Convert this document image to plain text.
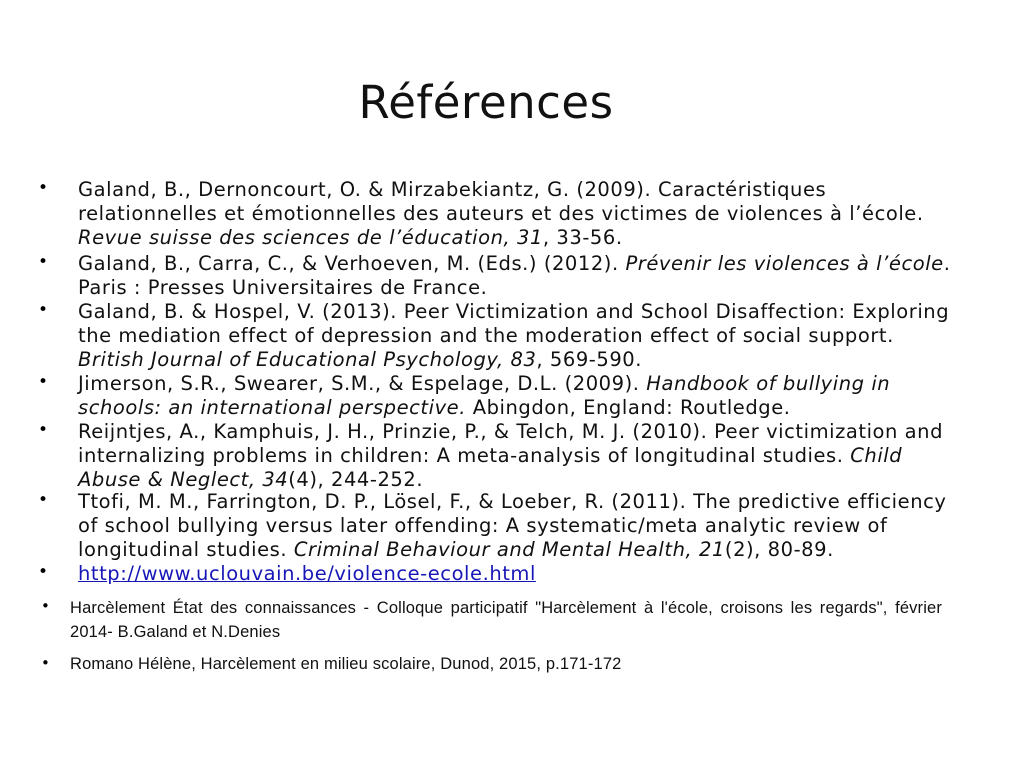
Références
• Galand, B., Dernoncourt, O. & Mirzabekiantz, G. (2009). Caractéristiques relationnelles et émotionnelles des auteurs et des victimes de violences à l’école. Revue suisse des sciences de l’éducation, 31, 33-56.
• Galand, B., Carra, C., & Verhoeven, M. (Eds.) (2012). Prévenir les violences à l’école. Paris : Presses Universitaires de France.
• Galand, B. & Hospel, V. (2013). Peer Victimization and School Disaffection: Exploring the mediation effect of depression and the moderation effect of social support. British Journal of Educational Psychology, 83, 569-590.
• Jimerson, S.R., Swearer, S.M., & Espelage, D.L. (2009). Handbook of bullying in schools: an international perspective. Abingdon, England: Routledge.
• Reijntjes, A., Kamphuis, J. H., Prinzie, P., & Telch, M. J. (2010). Peer victimization and internalizing problems in children: A meta-analysis of longitudinal studies. Child Abuse & Neglect, 34(4), 244-252.
• Ttofi, M. M., Farrington, D. P., Lösel, F., & Loeber, R. (2011). The predictive efficiency of school bullying versus later offending: A systematic/meta analytic review of longitudinal studies. Criminal Behaviour and Mental Health, 21(2), 80-89.
• http://www.uclouvain.be/violence-ecole.html
• Harcèlement État des connaissances - Colloque participatif "Harcèlement à l'école, croisons les regards", février 2014- B.Galand et N.Denies
• Romano Hélène, Harcèlement en milieu scolaire, Dunod, 2015, p.171-172
